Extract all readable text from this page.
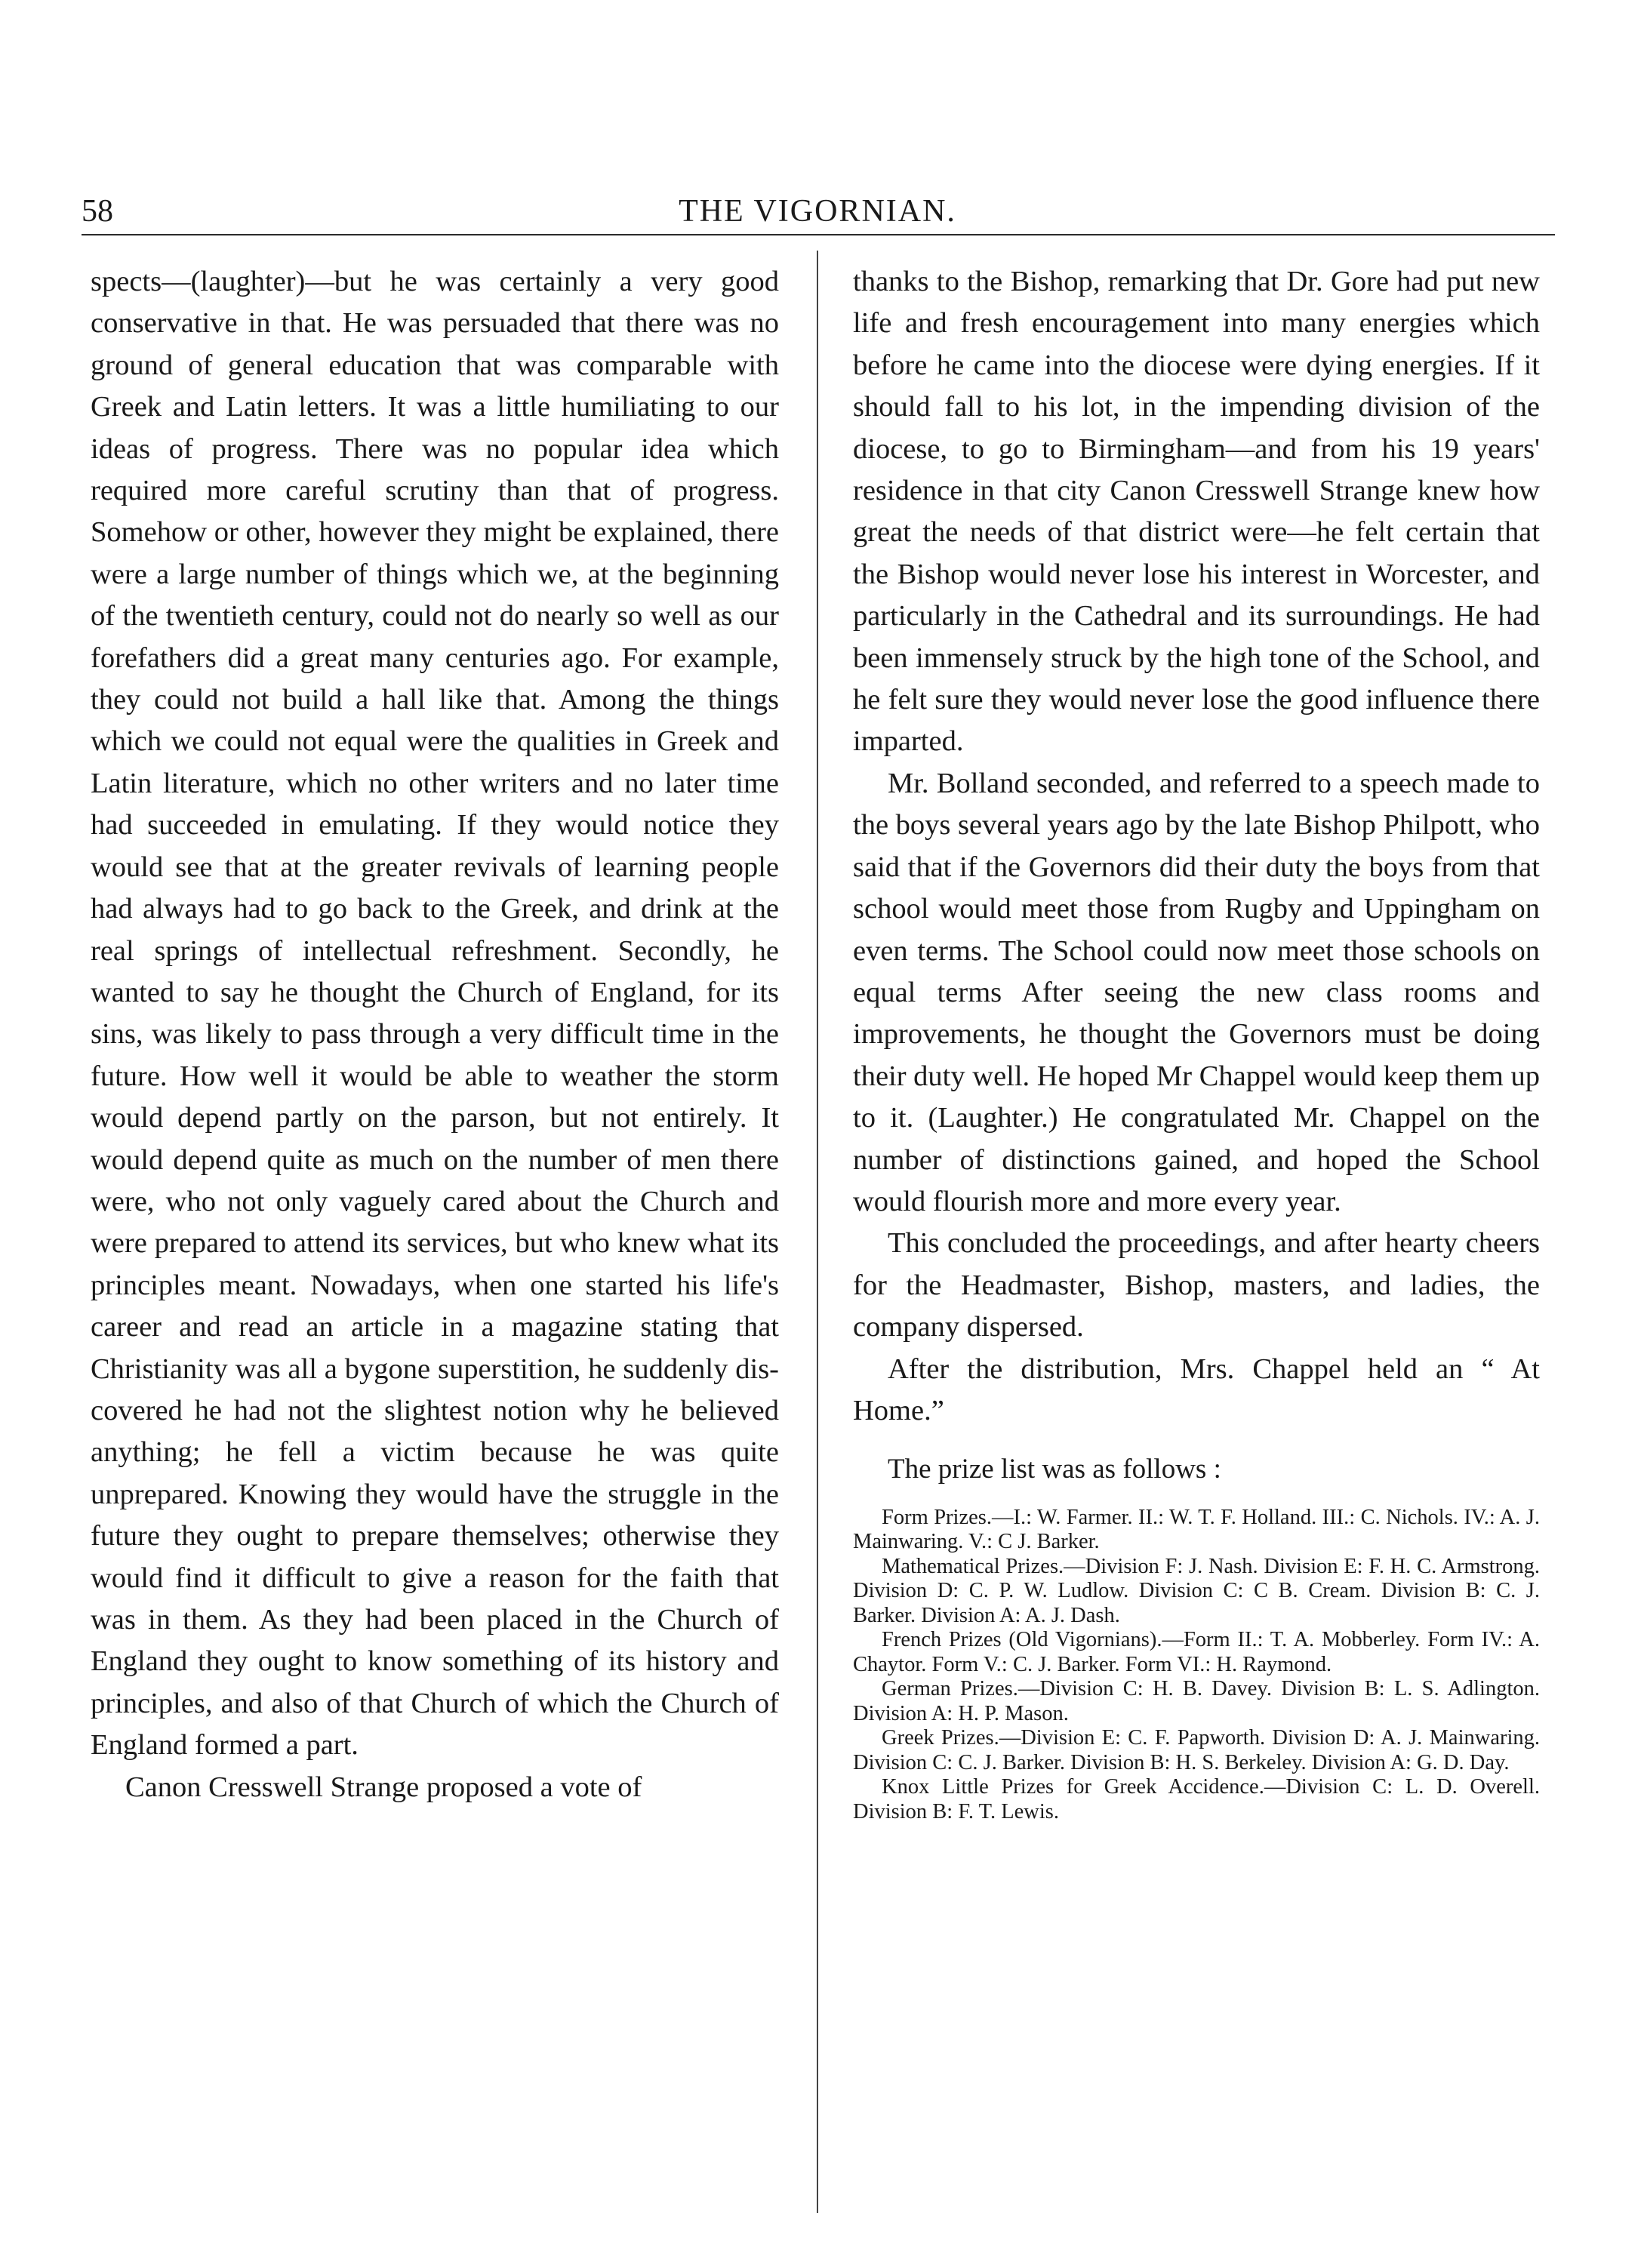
58	THE VIGORNIAN.

spects—(laughter)—but he was certainly a very good conservative in that. He was persuaded that there was no ground of general education that was comparable with Greek and Latin letters. It was a little humiliating to our ideas of progress. There was no popular idea which required more careful scrutiny than that of progress. Somehow or other, however they might be explained, there were a large number of things which we, at the beginning of the twentieth century, could not do nearly so well as our forefathers did a great many centuries ago. For example, they could not build a hall like that. Among the things which we could not equal were the qualities in Greek and Latin literature, which no other writers and no later time had succeeded in emulating. If they would notice they would see that at the greater revivals of learning people had always had to go back to the Greek, and drink at the real springs of intellectual refreshment. Secondly, he wanted to say he thought the Church of England, for its sins, was likely to pass through a very difficult time in the future. How well it would be able to weather the storm would depend partly on the parson, but not entirely. It would depend quite as much on the number of men there were, who not only vaguely cared about the Church and were prepared to attend its services, but who knew what its principles meant. Nowadays, when one started his life's career and read an article in a magazine stating that Christianity was all a bygone superstition, he suddenly discovered he had not the slightest notion why he believed anything; he fell a victim because he was quite unprepared. Knowing they would have the struggle in the future they ought to prepare themselves; otherwise they would find it difficult to give a reason for the faith that was in them. As they had been placed in the Church of England they ought to know something of its history and principles, and also of that Church of which the Church of England formed a part.

Canon Cresswell Strange proposed a vote of

thanks to the Bishop, remarking that Dr. Gore had put new life and fresh encouragement into many energies which before he came into the diocese were dying energies. If it should fall to his lot, in the impending division of the diocese, to go to Birmingham—and from his 19 years' residence in that city Canon Cresswell Strange knew how great the needs of that district were—he felt certain that the Bishop would never lose his interest in Worcester, and particularly in the Cathedral and its surroundings. He had been immensely struck by the high tone of the School, and he felt sure they would never lose the good influence there imparted.

Mr. Bolland seconded, and referred to a speech made to the boys several years ago by the late Bishop Philpott, who said that if the Governors did their duty the boys from that school would meet those from Rugby and Uppingham on even terms. The School could now meet those schools on equal terms After seeing the new class rooms and improvements, he thought the Governors must be doing their duty well. He hoped Mr Chappel would keep them up to it. (Laughter.) He congratulated Mr. Chappel on the number of distinctions gained, and hoped the School would flourish more and more every year.

This concluded the proceedings, and after hearty cheers for the Headmaster, Bishop, masters, and ladies, the company dispersed.

After the distribution, Mrs. Chappel held an “ At Home.”

The prize list was as follows :

Form Prizes.—I.: W. Farmer. II.: W. T. F. Holland. III.: C. Nichols. IV.: A. J. Mainwaring. V.: C J. Barker.

Mathematical Prizes.—Division F: J. Nash. Division E: F. H. C. Armstrong. Division D: C. P. W. Ludlow. Division C: C B. Cream. Division B: C. J. Barker. Division A: A. J. Dash.

French Prizes (Old Vigornians).—Form II.: T. A. Mobberley. Form IV.: A. Chaytor. Form V.: C. J. Barker. Form VI.: H. Raymond.

German Prizes.—Division C: H. B. Davey. Division B: L. S. Adlington. Division A: H. P. Mason.

Greek Prizes.—Division E: C. F. Papworth. Division D: A. J. Mainwaring. Division C: C. J. Barker. Division B: H. S. Berkeley. Division A: G. D. Day.

Knox Little Prizes for Greek Accidence.—Division C: L. D. Overell. Division B: F. T. Lewis.
